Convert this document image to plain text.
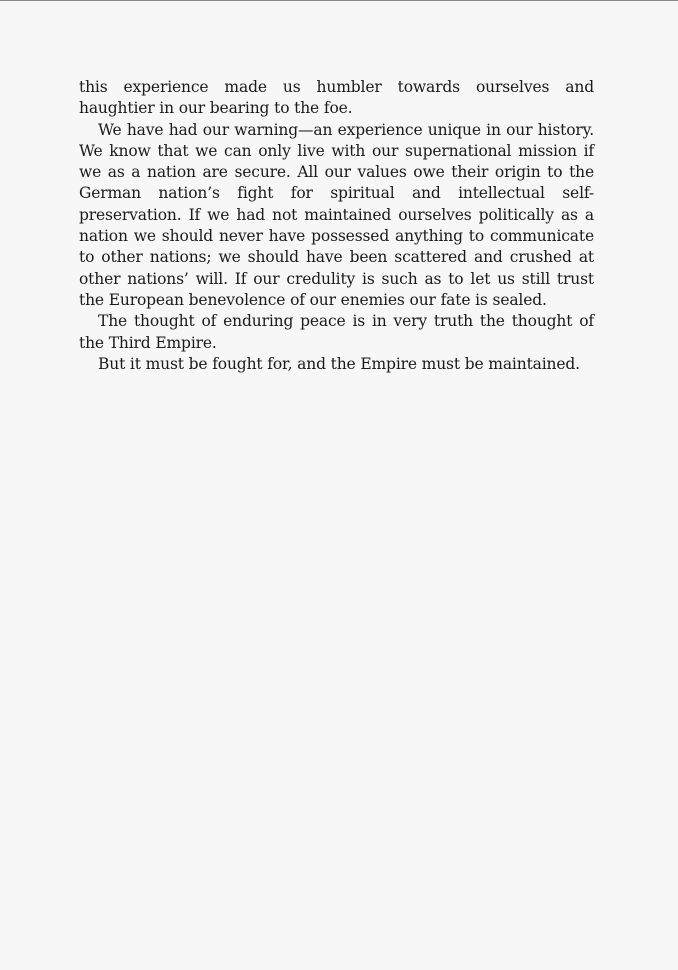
this experience made us humbler towards ourselves and haughtier in our bearing to the foe.

We have had our warning—an experience unique in our history. We know that we can only live with our supernational mission if we as a nation are secure. All our values owe their origin to the German nation’s fight for spiritual and intellectual self-preservation. If we had not maintained ourselves politically as a nation we should never have possessed anything to communicate to other nations; we should have been scattered and crushed at other nations’ will. If our credulity is such as to let us still trust the European benevolence of our enemies our fate is sealed.

The thought of enduring peace is in very truth the thought of the Third Empire.

But it must be fought for, and the Empire must be maintained.
